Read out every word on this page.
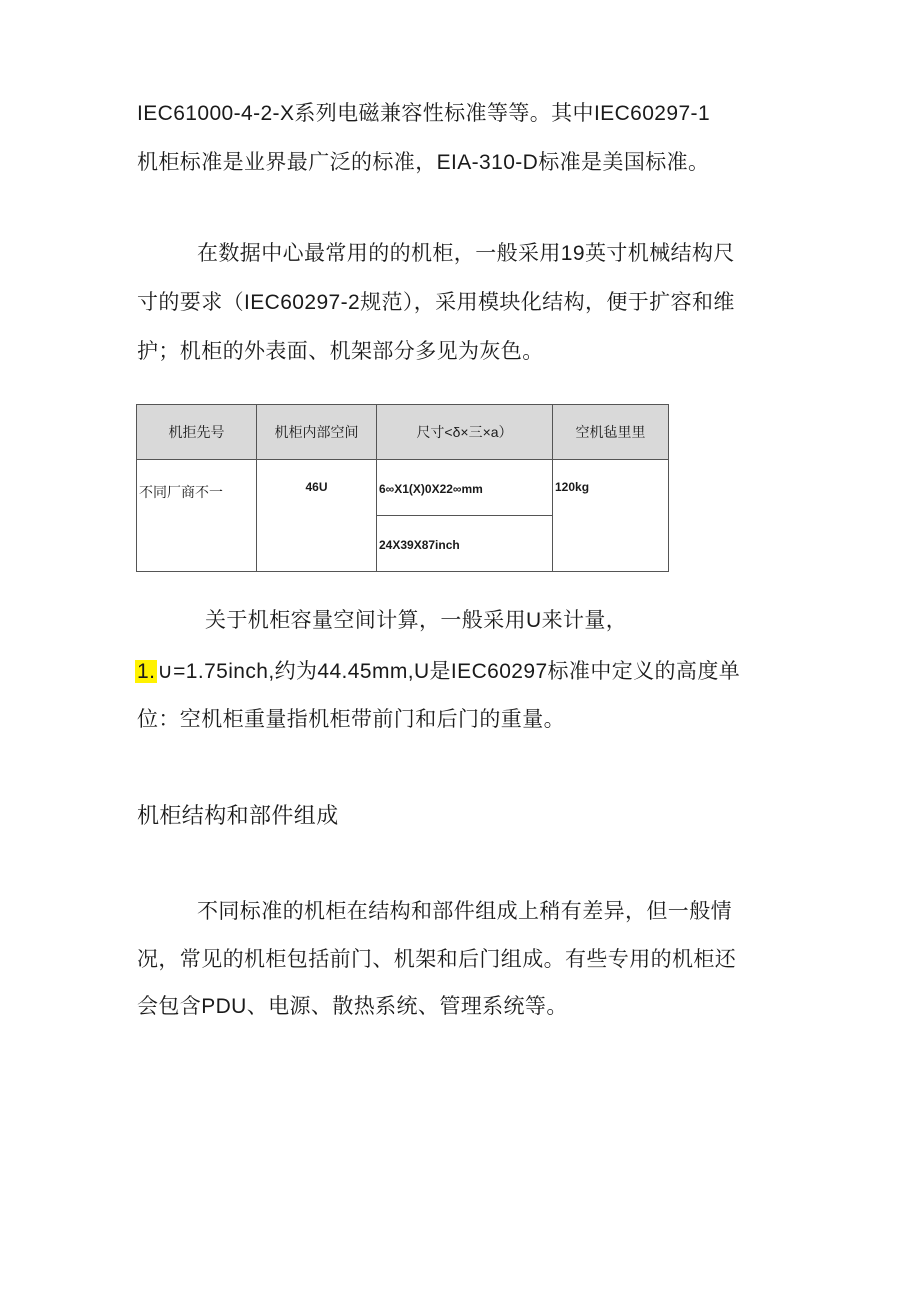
IEC61000-4-2-X系列电磁兼容性标准等等。其中IEC60297-1
机柜标准是业界最广泛的标准，EIA-310-D标准是美国标准。
在数据中心最常用的的机柜，一般采用19英寸机械结构尺
寸的要求（IEC60297-2规范），采用模块化结构，便于扩容和维
护；机柜的外表面、机架部分多见为灰色。
机拒先号	机柜内部空间	尺寸<δ×三×a）	空机毡里里

不同厂商不一	46U	6∞X1(X)0X22∞mm	120kg

		24X39X87inch	
关于机柜容量空间计算，一般采用U来计量，
1.∪=1.75inch,约为44.45mm,U是IEC60297标准中定义的高度单
位：空机柜重量指机柜带前门和后门的重量。
机柜结构和部件组成
不同标准的机柜在结构和部件组成上稍有差异，但一般情
况，常见的机柜包括前门、机架和后门组成。有些专用的机柜还
会包含PDU、电源、散热系统、管理系统等。
